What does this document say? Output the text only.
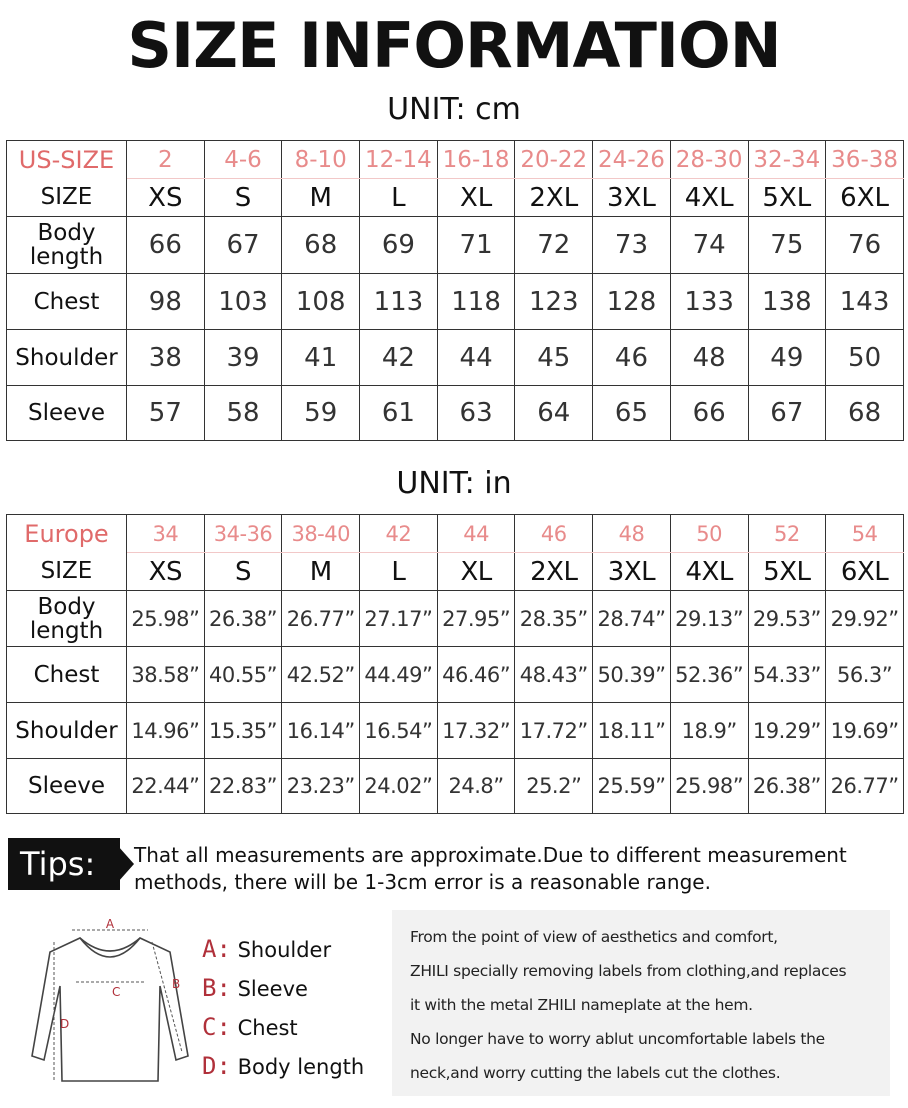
SIZE INFORMATION
UNIT: cm
US-SIZE	2	4-6	8-10	12-14	16-18	20-22	24-26	28-30	32-34	36-38
SIZE	XS	S	M	L	XL	2XL	3XL	4XL	5XL	6XL
Body
length	66	67	68	69	71	72	73	74	75	76
Chest	98	103	108	113	118	123	128	133	138	143
Shoulder	38	39	41	42	44	45	46	48	49	50
Sleeve	57	58	59	61	63	64	65	66	67	68
UNIT: in
Europe	34	34-36	38-40	42	44	46	48	50	52	54
SIZE	XS	S	M	L	XL	2XL	3XL	4XL	5XL	6XL
Body
length	25.98”	26.38”	26.77”	27.17”	27.95”	28.35”	28.74”	29.13”	29.53”	29.92”
Chest	38.58”	40.55”	42.52”	44.49”	46.46”	48.43”	50.39”	52.36”	54.33”	56.3”
Shoulder	14.96”	15.35”	16.14”	16.54”	17.32”	17.72”	18.11”	18.9”	19.29”	19.69”
Sleeve	22.44”	22.83”	23.23”	24.02”	24.8”	25.2”	25.59”	25.98”	26.38”	26.77”
Tips:	That all measurements are approximate.Due to different measurement methods, there will be 1-3cm error is a reasonable range.
A
B
C
D
A: Shoulder
B: Sleeve
C: Chest
D: Body length
From the point of view of aesthetics and comfort,
ZHILI specially removing labels from clothing,and replaces
it with the metal ZHILI nameplate at the hem.
No longer have to worry ablut uncomfortable labels the
neck,and worry cutting the labels cut the clothes.
